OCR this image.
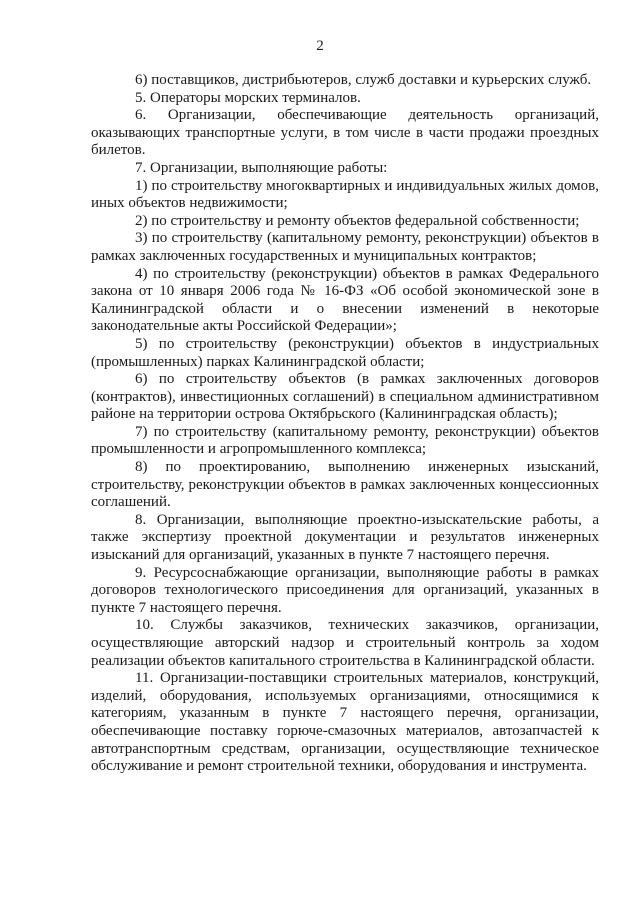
2

6) поставщиков, дистрибьютеров, служб доставки и курьерских служб.

5. Операторы морских терминалов.

6. Организации, обеспечивающие деятельность организаций, оказывающих транспортные услуги, в том числе в части продажи проездных билетов.

7. Организации, выполняющие работы:

1) по строительству многоквартирных и индивидуальных жилых домов, иных объектов недвижимости;

2) по строительству и ремонту объектов федеральной собственности;

3) по строительству (капитальному ремонту, реконструкции) объектов в рамках заключенных государственных и муниципальных контрактов;

4) по строительству (реконструкции) объектов в рамках Федерального закона от 10 января 2006 года № 16-ФЗ «Об особой экономической зоне в Калининградской области и о внесении изменений в некоторые законодательные акты Российской Федерации»;

5) по строительству (реконструкции) объектов в индустриальных (промышленных) парках Калининградской области;

6) по строительству объектов (в рамках заключенных договоров (контрактов), инвестиционных соглашений) в специальном административном районе на территории острова Октябрьского (Калининградская область);

7) по строительству (капитальному ремонту, реконструкции) объектов промышленности и агропромышленного комплекса;

8) по проектированию, выполнению инженерных изысканий, строительству, реконструкции объектов в рамках заключенных концессионных соглашений.

8. Организации, выполняющие проектно-изыскательские работы, а также экспертизу проектной документации и результатов инженерных изысканий для организаций, указанных в пункте 7 настоящего перечня.

9. Ресурсоснабжающие организации, выполняющие работы в рамках договоров технологического присоединения для организаций, указанных в пункте 7 настоящего перечня.

10. Службы заказчиков, технических заказчиков, организации, осуществляющие авторский надзор и строительный контроль за ходом реализации объектов капитального строительства в Калининградской области.

11. Организации-поставщики строительных материалов, конструкций, изделий, оборудования, используемых организациями, относящимися к категориям, указанным в пункте 7 настоящего перечня, организации, обеспечивающие поставку горюче-смазочных материалов, автозапчастей к автотранспортным средствам, организации, осуществляющие техническое обслуживание и ремонт строительной техники, оборудования и инструмента.
